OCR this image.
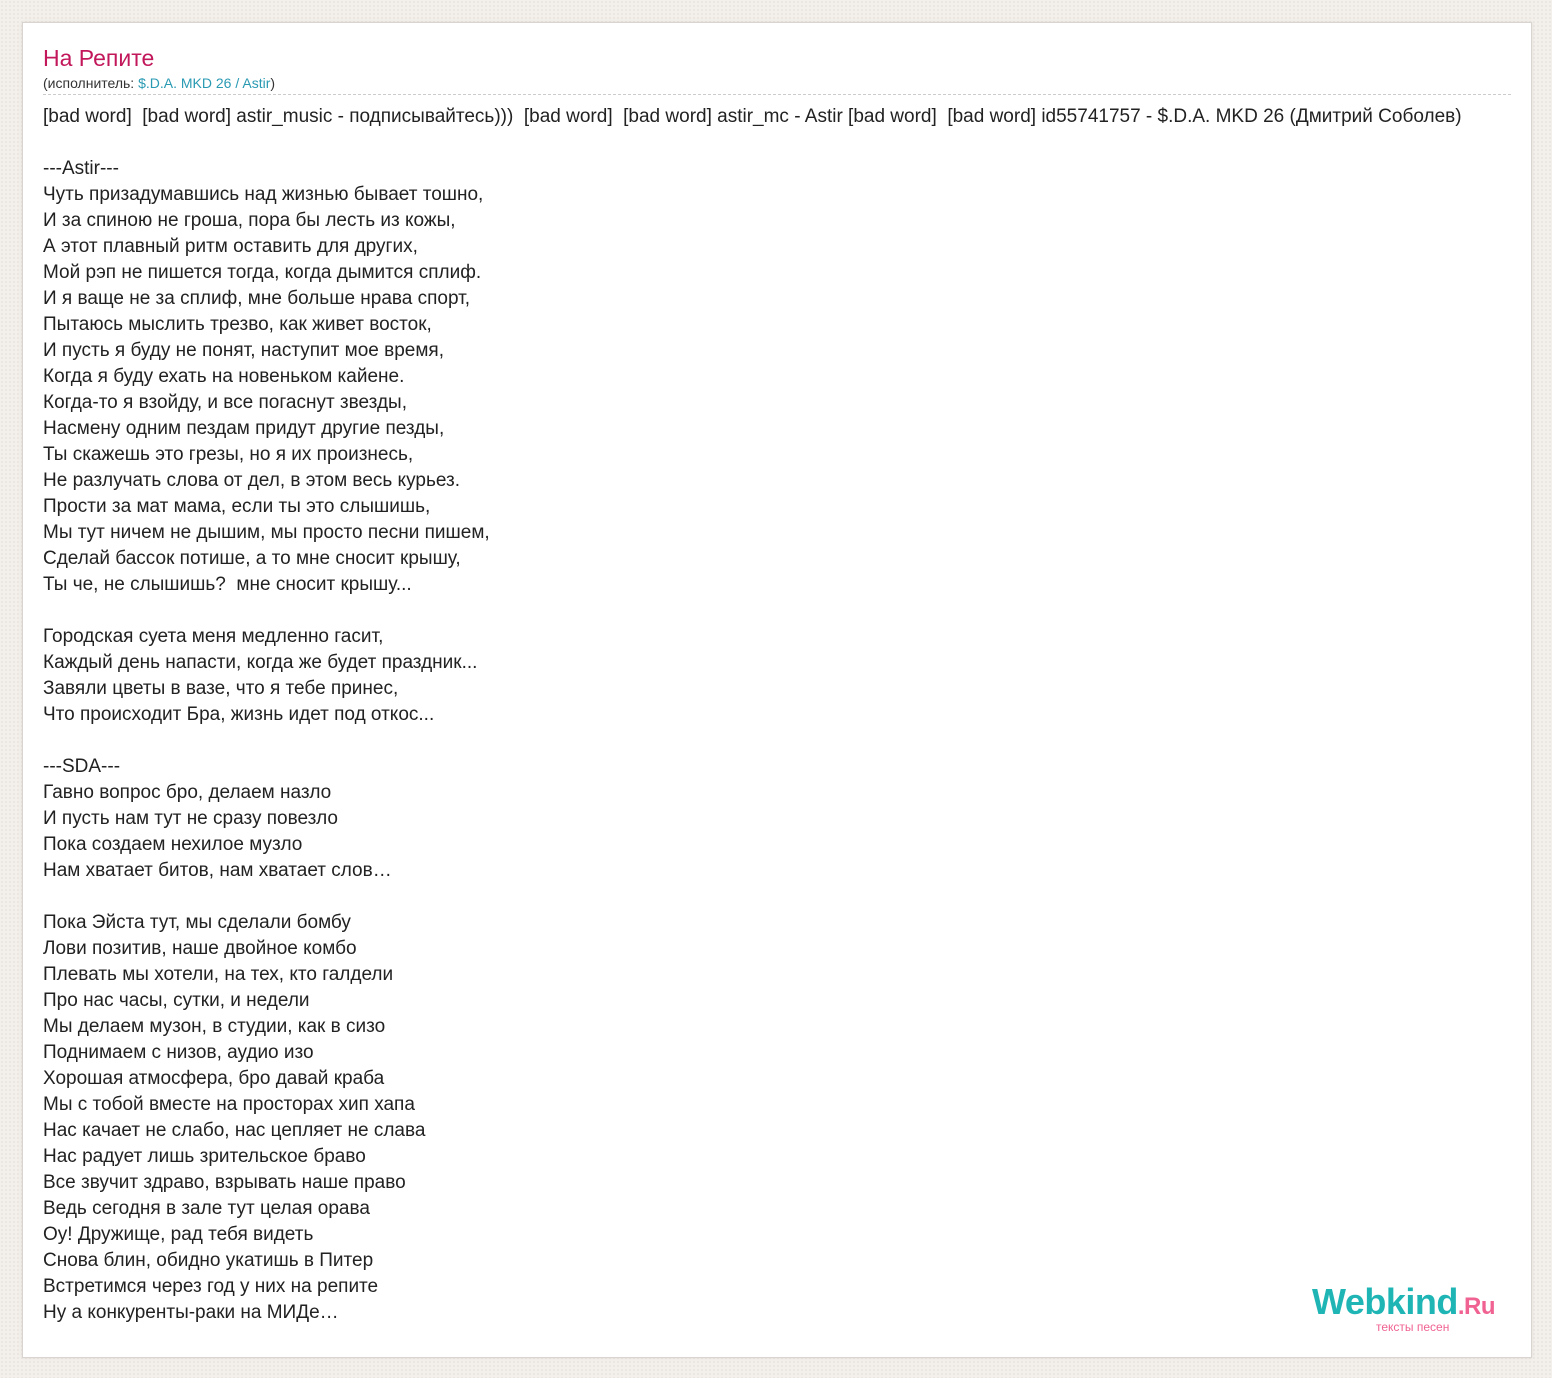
На Репите
(исполнитель: $.D.A. MKD 26 / Astir)
[bad word]  [bad word] astir_music - подписывайтесь)))  [bad word]  [bad word] astir_mc - Astir [bad word]  [bad word] id55741757 - $.D.A. MKD 26 (Дмитрий Соболев)

---Astir---
Чуть призадумавшись над жизнью бывает тошно,
И за спиною не гроша, пора бы лесть из кожы,
А этот плавный ритм оставить для других,
Мой рэп не пишется тогда, когда дымится сплиф.
И я ваще не за сплиф, мне больше нрава спорт,
Пытаюсь мыслить трезво, как живет восток,
И пусть я буду не понят, наступит мое время,
Когда я буду ехать на новеньком кайене.
Когда-то я взойду, и все погаснут звезды,
Насмену одним пездам придут другие пезды,
Ты скажешь это грезы, но я их произнесь,
Не разлучать слова от дел, в этом весь курьез.
Прости за мат мама, если ты это слышишь,
Мы тут ничем не дышим, мы просто песни пишем,
Сделай бассок потише, а то мне сносит крышу,
Ты че, не слышишь?  мне сносит крышу...

Городская суета меня медленно гасит,
Каждый день напасти, когда же будет праздник...
Завяли цветы в вазе, что я тебе принес,
Что происходит Бра, жизнь идет под откос...

---SDA---
Гавно вопрос бро, делаем назло
И пусть нам тут не сразу повезло
Пока создаем нехилое музло
Нам хватает битов, нам хватает слов…

Пока Эйста тут, мы сделали бомбу
Лови позитив, наше двойное комбо
Плевать мы хотели, на тех, кто галдели
Про нас часы, сутки, и недели
Мы делаем музон, в студии, как в сизо
Поднимаем с низов, аудио изо
Хорошая атмосфера, бро давай краба
Мы с тобой вместе на просторах хип хапа
Нас качает не слабо, нас цепляет не слава
Нас радует лишь зрительское браво
Все звучит здраво, взрывать наше право
Ведь сегодня в зале тут целая орава
Оу! Дружище, рад тебя видеть
Снова блин, обидно укатишь в Питер
Встретимся через год у них на репите
Ну а конкуренты-раки на МИДе…	Webkind.Ru
тексты песен
